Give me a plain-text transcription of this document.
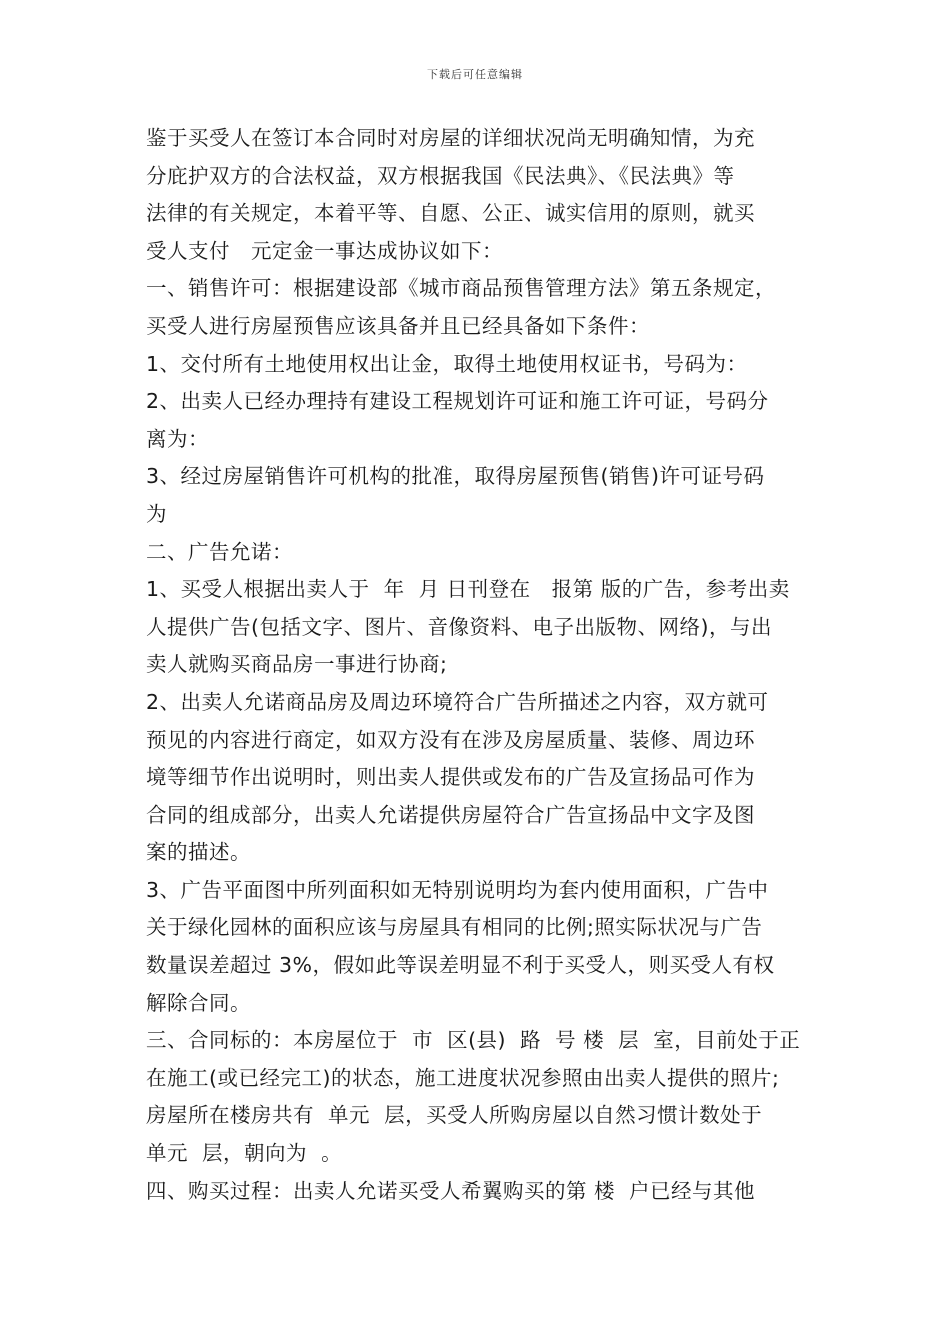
下载后可任意编辑
鉴于买受人在签订本合同时对房屋的详细状况尚无明确知情，为充
分庇护双方的合法权益，双方根据我国《民法典》、《民法典》等
法律的有关规定，本着平等、自愿、公正、诚实信用的原则，就买
受人支付   元定金一事达成协议如下：
一、销售许可：根据建设部《城市商品预售管理方法》第五条规定，
买受人进行房屋预售应该具备并且已经具备如下条件：
1、交付所有土地使用权出让金，取得土地使用权证书，号码为：
2、出卖人已经办理持有建设工程规划许可证和施工许可证，号码分
离为：
3、经过房屋销售许可机构的批准，取得房屋预售(销售)许可证号码
为
二、广告允诺：
1、买受人根据出卖人于  年  月 日刊登在   报第 版的广告，参考出卖
人提供广告(包括文字、图片、音像资料、电子出版物、网络)，与出
卖人就购买商品房一事进行协商;
2、出卖人允诺商品房及周边环境符合广告所描述之内容，双方就可
预见的内容进行商定，如双方没有在涉及房屋质量、装修、周边环
境等细节作出说明时，则出卖人提供或发布的广告及宣扬品可作为
合同的组成部分，出卖人允诺提供房屋符合广告宣扬品中文字及图
案的描述。
3、广告平面图中所列面积如无特别说明均为套内使用面积，广告中
关于绿化园林的面积应该与房屋具有相同的比例;照实际状况与广告
数量误差超过 3%，假如此等误差明显不利于买受人，则买受人有权
解除合同。
三、合同标的：本房屋位于  市  区(县)  路  号 楼  层  室，目前处于正
在施工(或已经完工)的状态，施工进度状况参照由出卖人提供的照片;
房屋所在楼房共有  单元  层，买受人所购房屋以自然习惯计数处于
单元  层，朝向为  。
四、购买过程：出卖人允诺买受人希翼购买的第 楼  户已经与其他
